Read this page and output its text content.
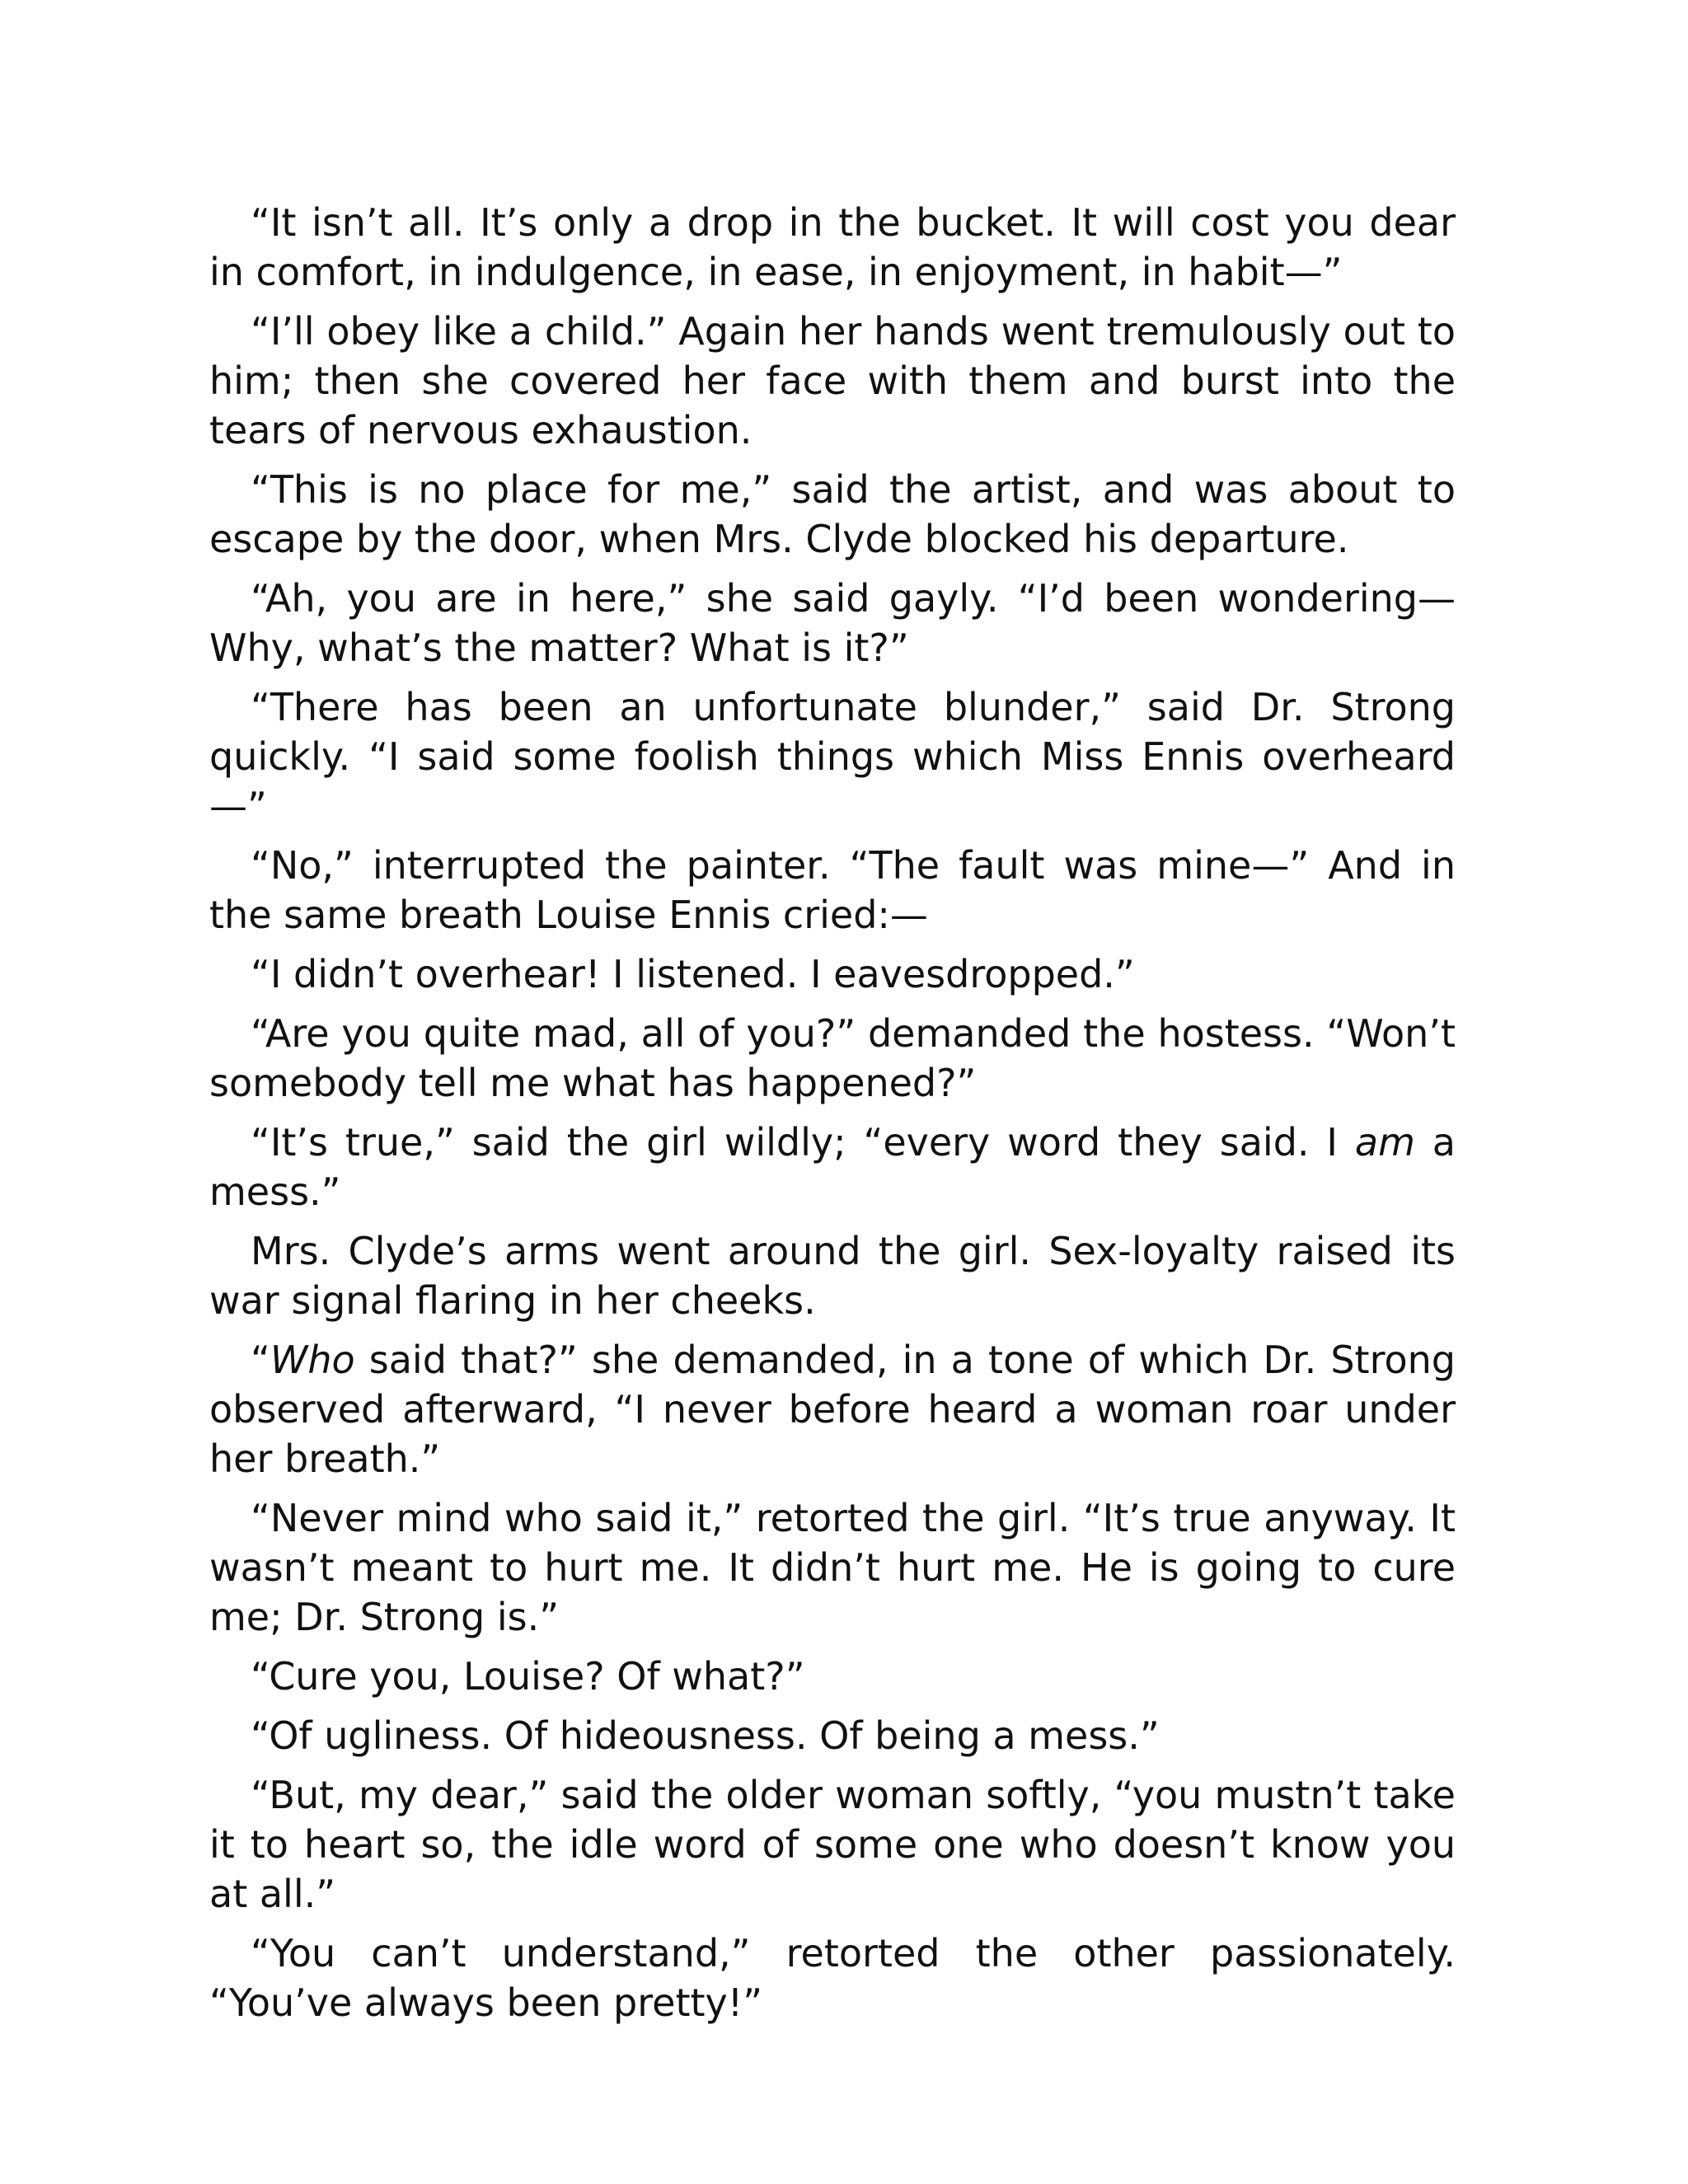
“It isn’t all. It’s only a drop in the bucket. It will cost you dear in comfort, in indulgence, in ease, in enjoyment, in habit—”

“I’ll obey like a child.” Again her hands went tremulously out to him; then she covered her face with them and burst into the tears of nervous exhaustion.

“This is no place for me,” said the artist, and was about to escape by the door, when Mrs. Clyde blocked his departure.

“Ah, you are in here,” she said gayly. “I’d been wondering—Why, what’s the matter? What is it?”

“There has been an unfortunate blunder,” said Dr. Strong quickly. “I said some foolish things which Miss Ennis overheard—”

“No,” interrupted the painter. “The fault was mine—” And in the same breath Louise Ennis cried:—

“I didn’t overhear! I listened. I eavesdropped.”

“Are you quite mad, all of you?” demanded the hostess. “Won’t somebody tell me what has happened?”

“It’s true,” said the girl wildly; “every word they said. I am a mess.”

Mrs. Clyde’s arms went around the girl. Sex-loyalty raised its war signal flaring in her cheeks.

“Who said that?” she demanded, in a tone of which Dr. Strong observed afterward, “I never before heard a woman roar under her breath.”

“Never mind who said it,” retorted the girl. “It’s true anyway. It wasn’t meant to hurt me. It didn’t hurt me. He is going to cure me; Dr. Strong is.”

“Cure you, Louise? Of what?”

“Of ugliness. Of hideousness. Of being a mess.”

“But, my dear,” said the older woman softly, “you mustn’t take it to heart so, the idle word of some one who doesn’t know you at all.”

“You can’t understand,” retorted the other passionately. “You’ve always been pretty!”
